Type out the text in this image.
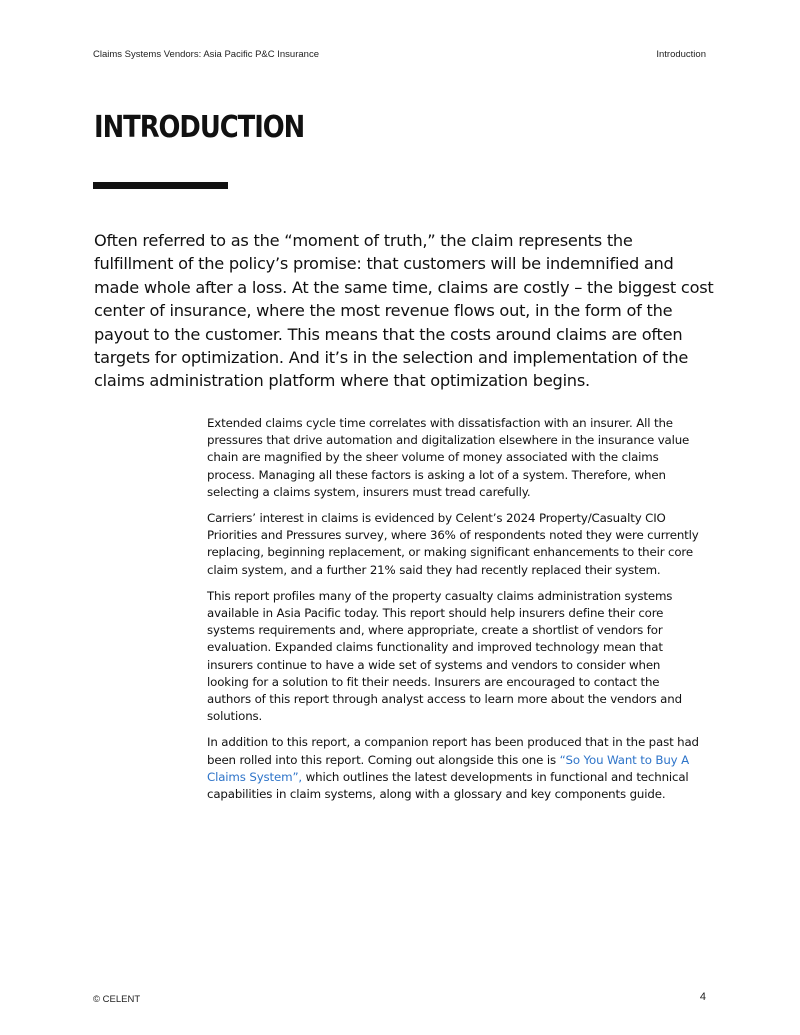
Claims Systems Vendors: Asia Pacific P&C Insurance	Introduction
INTRODUCTION

Often referred to as the “moment of truth,” the claim represents the fulfillment of the policy’s promise: that customers will be indemnified and made whole after a loss. At the same time, claims are costly – the biggest cost center of insurance, where the most revenue flows out, in the form of the payout to the customer. This means that the costs around claims are often targets for optimization. And it’s in the selection and implementation of the claims administration platform where that optimization begins.

Extended claims cycle time correlates with dissatisfaction with an insurer. All the pressures that drive automation and digitalization elsewhere in the insurance value chain are magnified by the sheer volume of money associated with the claims process. Managing all these factors is asking a lot of a system. Therefore, when selecting a claims system, insurers must tread carefully.

Carriers’ interest in claims is evidenced by Celent’s 2024 Property/Casualty CIO Priorities and Pressures survey, where 36% of respondents noted they were currently replacing, beginning replacement, or making significant enhancements to their core claim system, and a further 21% said they had recently replaced their system.

This report profiles many of the property casualty claims administration systems available in Asia Pacific today. This report should help insurers define their core systems requirements and, where appropriate, create a shortlist of vendors for evaluation. Expanded claims functionality and improved technology mean that insurers continue to have a wide set of systems and vendors to consider when looking for a solution to fit their needs. Insurers are encouraged to contact the authors of this report through analyst access to learn more about the vendors and solutions.

In addition to this report, a companion report has been produced that in the past had been rolled into this report. Coming out alongside this one is “So You Want to Buy A Claims System”, which outlines the latest developments in functional and technical capabilities in claim systems, along with a glossary and key components guide.

© CELENT	4
